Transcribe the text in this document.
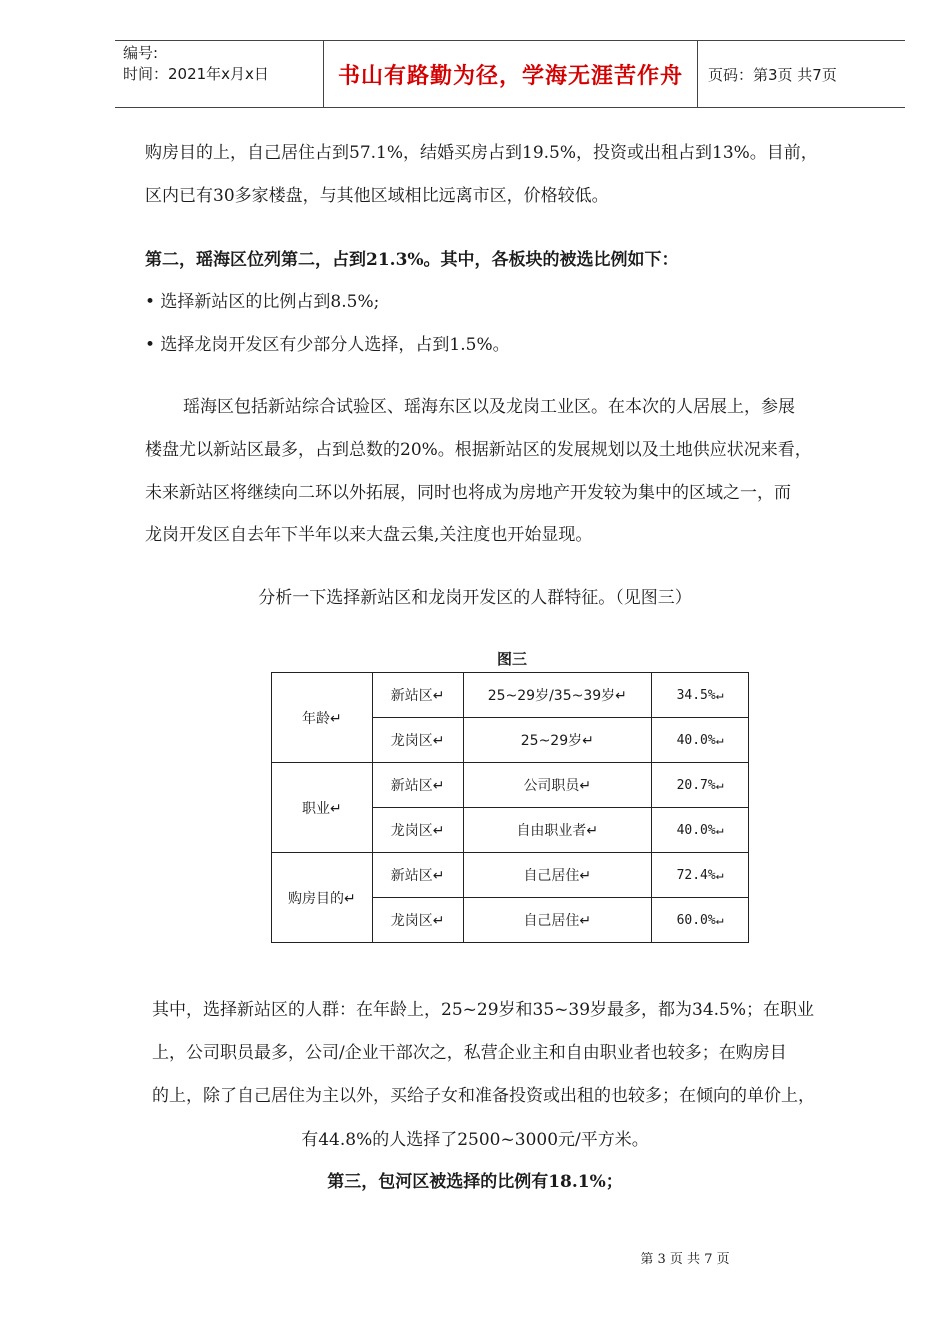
编号:
时间：2021年x月x日	书山有路勤为径，学海无涯苦作舟	页码：第3页 共7页
购房目的上，自己居住占到57.1%，结婚买房占到19.5%，投资或出租占到13%。目前，
区内已有30多家楼盘，与其他区域相比远离市区，价格较低。
第二，瑶海区位列第二，占到21.3%。其中，各板块的被选比例如下：
• 选择新站区的比例占到8.5%;
• 选择龙岗开发区有少部分人选择，占到1.5%。
瑶海区包括新站综合试验区、瑶海东区以及龙岗工业区。在本次的人居展上，参展
楼盘尤以新站区最多，占到总数的20%。根据新站区的发展规划以及土地供应状况来看，
未来新站区将继续向二环以外拓展，同时也将成为房地产开发较为集中的区域之一，而
龙岗开发区自去年下半年以来大盘云集,关注度也开始显现。
分析一下选择新站区和龙岗开发区的人群特征。（见图三）
图三
年龄↵	新站区↵	25~29岁/35~39岁↵	34.5%↵
	龙岗区↵	25~29岁↵	40.0%↵
职业↵	新站区↵	公司职员↵	20.7%↵
	龙岗区↵	自由职业者↵	40.0%↵
购房目的↵	新站区↵	自己居住↵	72.4%↵
	龙岗区↵	自己居住↵	60.0%↵
其中，选择新站区的人群：在年龄上，25~29岁和35~39岁最多，都为34.5%；在职业
上，公司职员最多，公司/企业干部次之，私营企业主和自由职业者也较多；在购房目
的上，除了自己居住为主以外，买给子女和准备投资或出租的也较多；在倾向的单价上，
有44.8%的人选择了2500~3000元/平方米。
第三，包河区被选择的比例有18.1%；
第 3 页 共 7 页
